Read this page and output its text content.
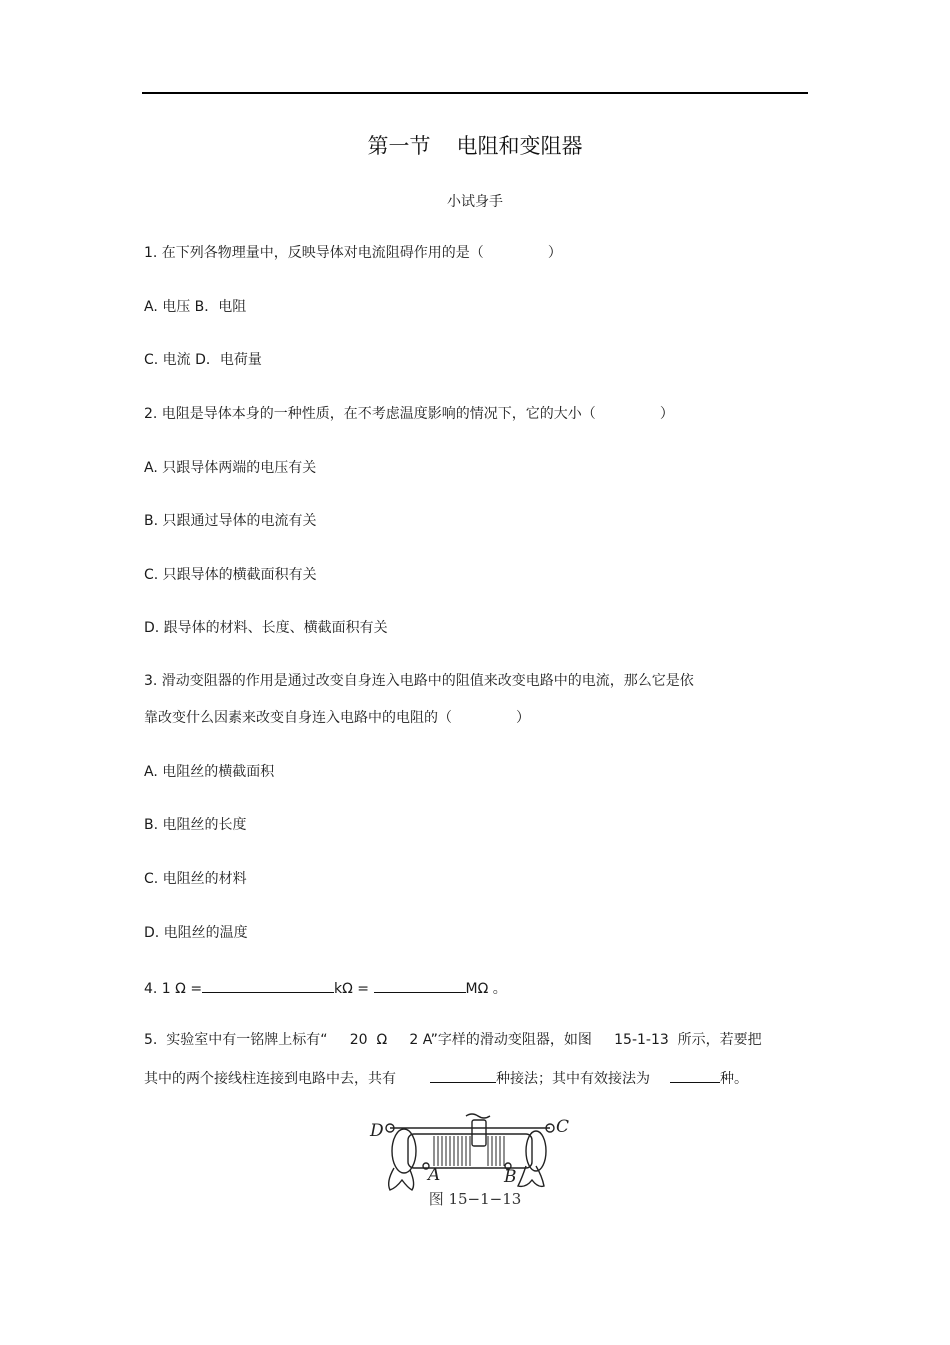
第一节 电阻和变阻器
小试身手
1. 在下列各物理量中，反映导体对电流阻碍作用的是（	）
A. 电压 B．电阻
C. 电流 D．电荷量
2. 电阻是导体本身的一种性质，在不考虑温度影响的情况下，它的大小（	）
A. 只跟导体两端的电压有关
B. 只跟通过导体的电流有关
C. 只跟导体的横截面积有关
D. 跟导体的材料、长度、横截面积有关
3. 滑动变阻器的作用是通过改变自身连入电路中的阻值来改变电路中的电流，那么它是依
靠改变什么因素来改变自身连入电路中的电阻的（	）
A. 电阻丝的横截面积
B. 电阻丝的长度
C. 电阻丝的材料
D. 电阻丝的温度
4. 1 Ω =	kΩ =	MΩ 。
5.  实验室中有一铭牌上标有“     20  Ω     2 A”字样的滑动变阻器，如图     15-1-13  所示，若要把
其中的两个接线柱连接到电路中去，共有	种接法；其中有效接法为	种。
D	C
A	B
图 15−1−13
